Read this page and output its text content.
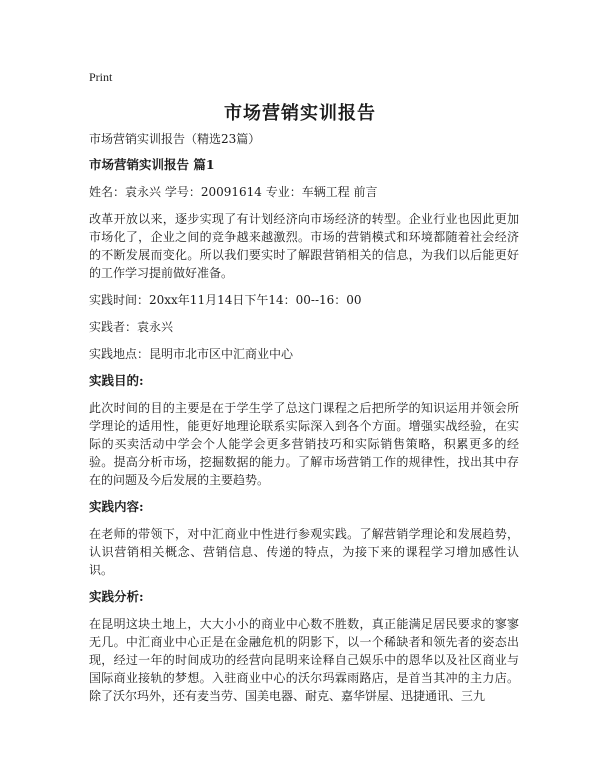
Print
市场营销实训报告
市场营销实训报告（精选23篇）
市场营销实训报告 篇1
姓名：袁永兴 学号：20091614 专业：车辆工程 前言
改革开放以来，逐步实现了有计划经济向市场经济的转型。企业行业也因此更加市场化了，企业之间的竞争越来越激烈。市场的营销模式和环境都随着社会经济的不断发展而变化。所以我们要实时了解跟营销相关的信息，为我们以后能更好的工作学习提前做好准备。
实践时间：20xx年11月14日下午14：00--16：00
实践者：袁永兴
实践地点：昆明市北市区中汇商业中心
实践目的:
此次时间的目的主要是在于学生学了总这门课程之后把所学的知识运用并领会所学理论的适用性，能更好地理论联系实际深入到各个方面。增强实战经验，在实际的买卖活动中学会个人能学会更多营销技巧和实际销售策略，积累更多的经验。提高分析市场，挖掘数据的能力。了解市场营销工作的规律性，找出其中存在的问题及今后发展的主要趋势。
实践内容:
在老师的带领下，对中汇商业中性进行参观实践。了解营销学理论和发展趋势，认识营销相关概念、营销信息、传递的特点，为接下来的课程学习增加感性认识。
实践分析:
在昆明这块土地上，大大小小的商业中心数不胜数，真正能满足居民要求的寥寥无几。中汇商业中心正是在金融危机的阴影下，以一个稀缺者和领先者的姿态出现，经过一年的时间成功的经营向昆明来诠释自己娱乐中的恩华以及社区商业与国际商业接轨的梦想。入驻商业中心的沃尔玛霖雨路店，是首当其冲的主力店。除了沃尔玛外，还有麦当劳、国美电器、耐克、嘉华饼屋、迅捷通讯、三九
